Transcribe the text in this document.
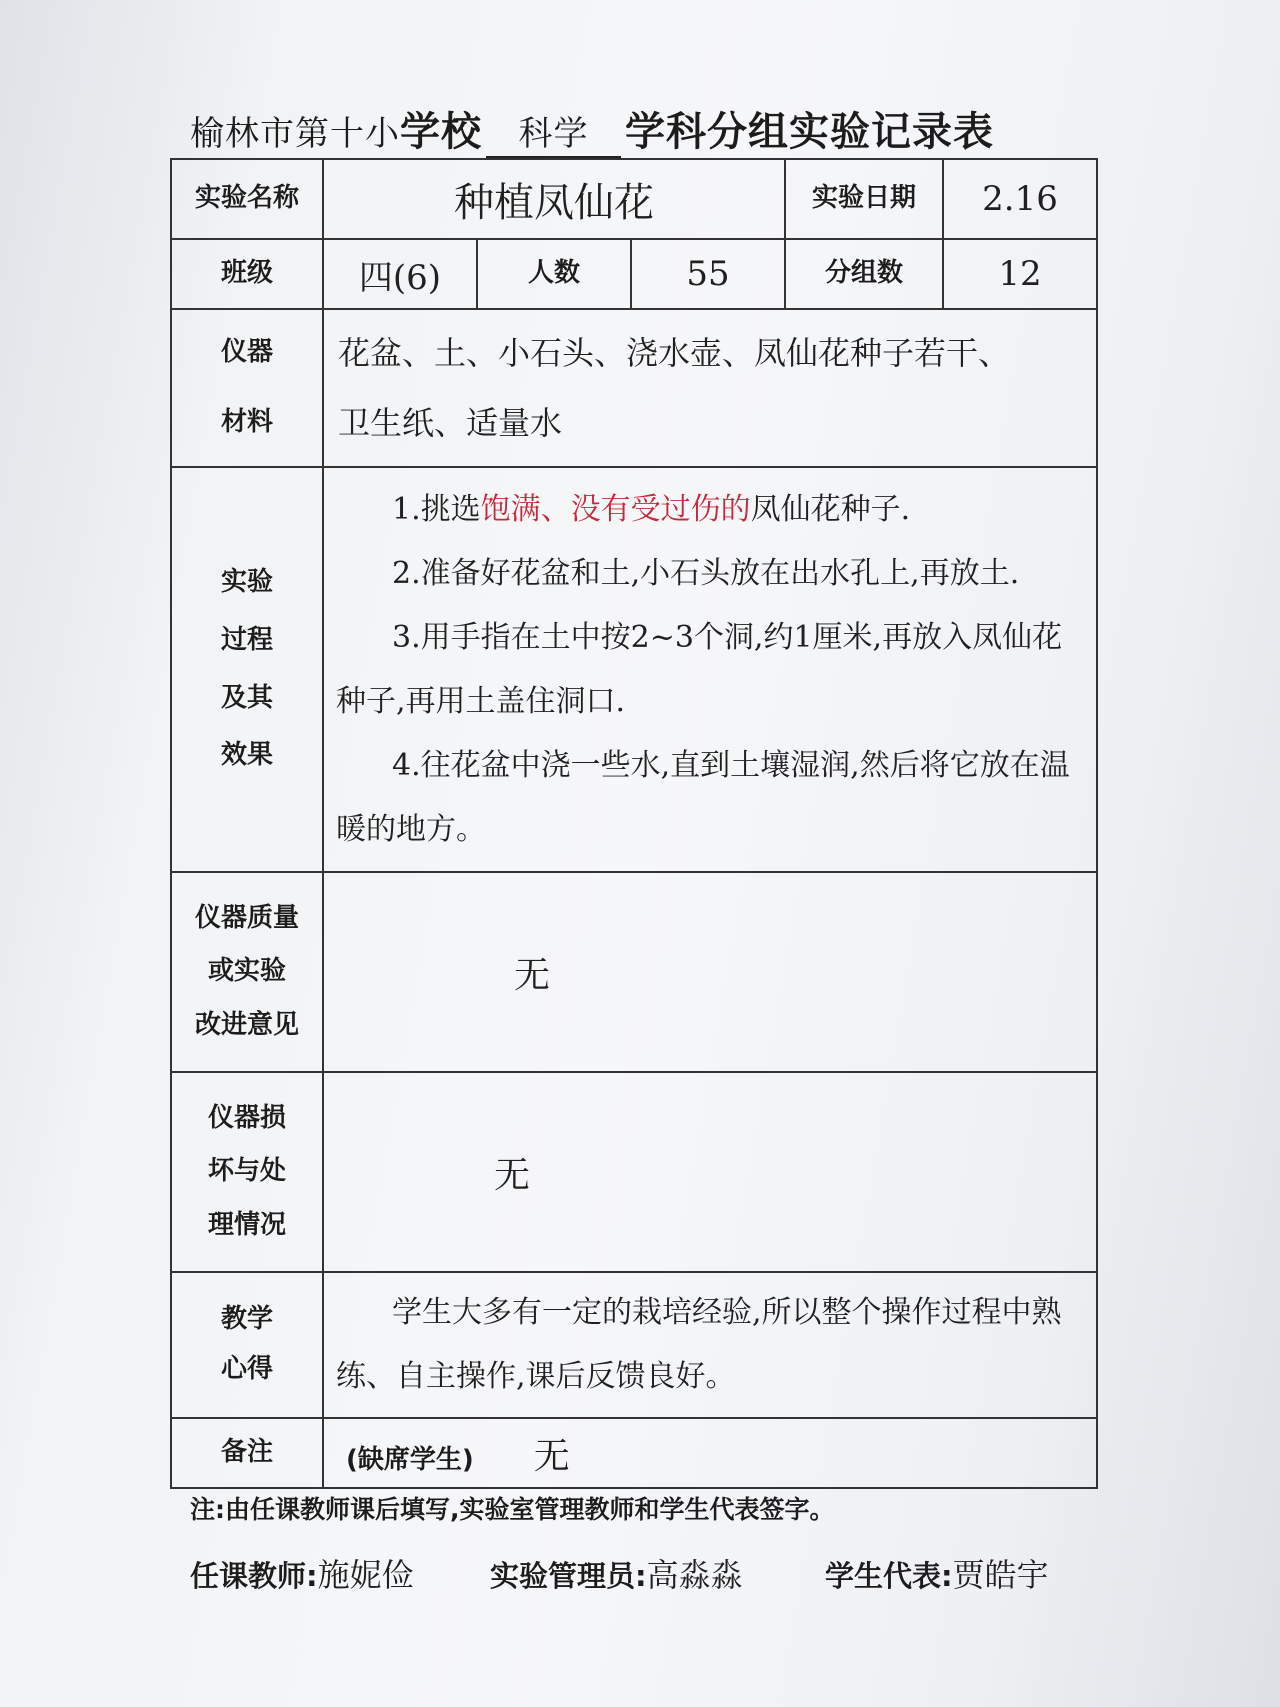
榆林市第十小学校 科学 学科分组实验记录表
实验名称	种植凤仙花			实验日期	2.16
班级	四(6)	人数	55	分组数	12

仪器
材料	花盆、土、小石头、浇水壶、凤仙花种子若干、
卫生纸、适量水				

实验
过程
及其
效果	1.挑选饱满、没有受过伤的凤仙花种子.
2.准备好花盆和土,小石头放在出水孔上,再放土.
3.用手指在土中按2~3个洞,约1厘米,再放入凤仙花种子,再用土盖住洞口.
4.往花盆中浇一些水,直到土壤湿润,然后将它放在温暖的地方。				

仪器质量
或实验
改进意见	无				

仪器损
坏与处
理情况	无				

教学
心得	学生大多有一定的栽培经验,所以整个操作过程中熟练、自主操作,课后反馈良好。				

备注	(缺席学生) 无				
注:由任课教师课后填写,实验室管理教师和学生代表签字。
任课教师:施妮俭	实验管理员:高淼淼	学生代表:贾皓宇
